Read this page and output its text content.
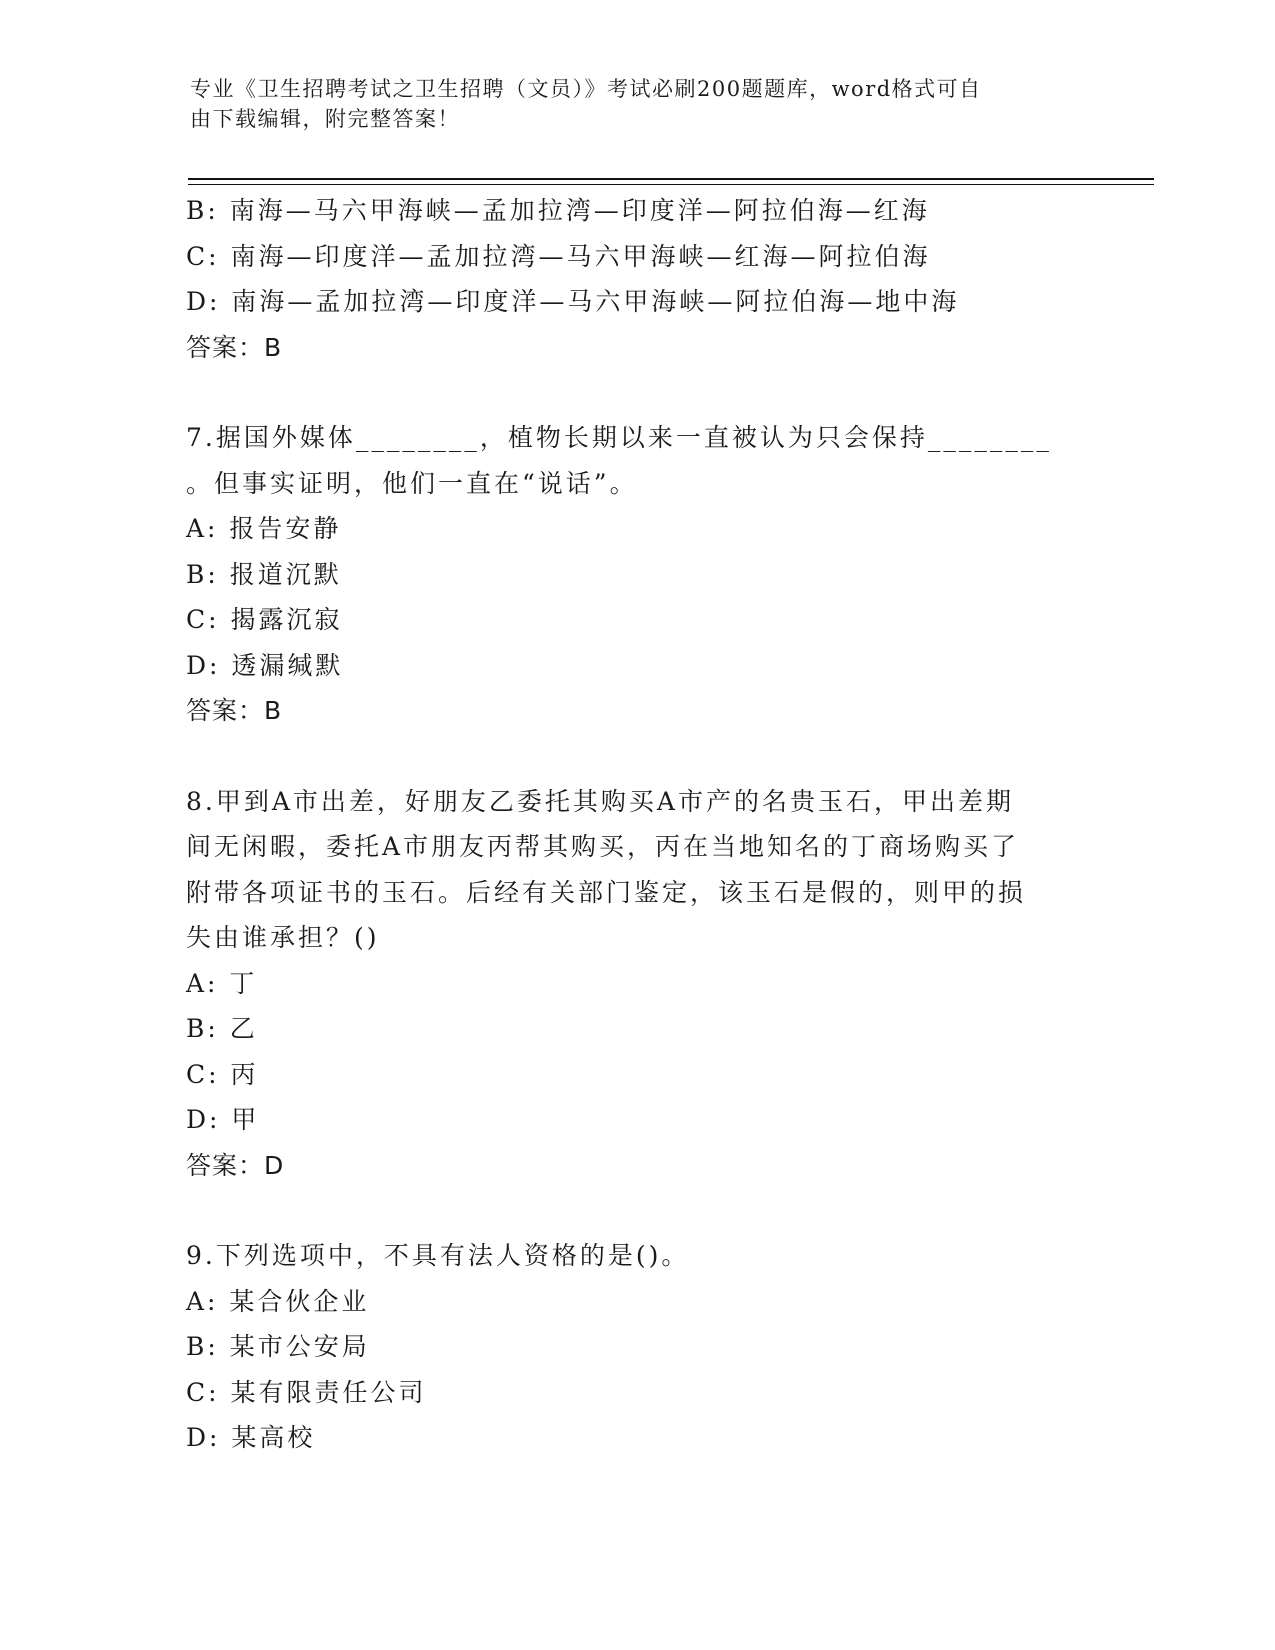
专业《卫生招聘考试之卫生招聘（文员）》考试必刷200题题库，word格式可自
由下载编辑，附完整答案！
B: 南海—马六甲海峡—孟加拉湾—印度洋—阿拉伯海—红海
C: 南海—印度洋—孟加拉湾—马六甲海峡—红海—阿拉伯海
D: 南海—孟加拉湾—印度洋—马六甲海峡—阿拉伯海—地中海
答案：B
7.据国外媒体________，植物长期以来一直被认为只会保持________
。但事实证明，他们一直在“说话”。
A: 报告安静
B: 报道沉默
C: 揭露沉寂
D: 透漏缄默
答案：B
8.甲到A市出差，好朋友乙委托其购买A市产的名贵玉石，甲出差期
间无闲暇，委托A市朋友丙帮其购买，丙在当地知名的丁商场购买了
附带各项证书的玉石。后经有关部门鉴定，该玉石是假的，则甲的损
失由谁承担？()
A: 丁
B: 乙
C: 丙
D: 甲
答案：D
9.下列选项中，不具有法人资格的是()。
A: 某合伙企业
B: 某市公安局
C: 某有限责任公司
D: 某高校
